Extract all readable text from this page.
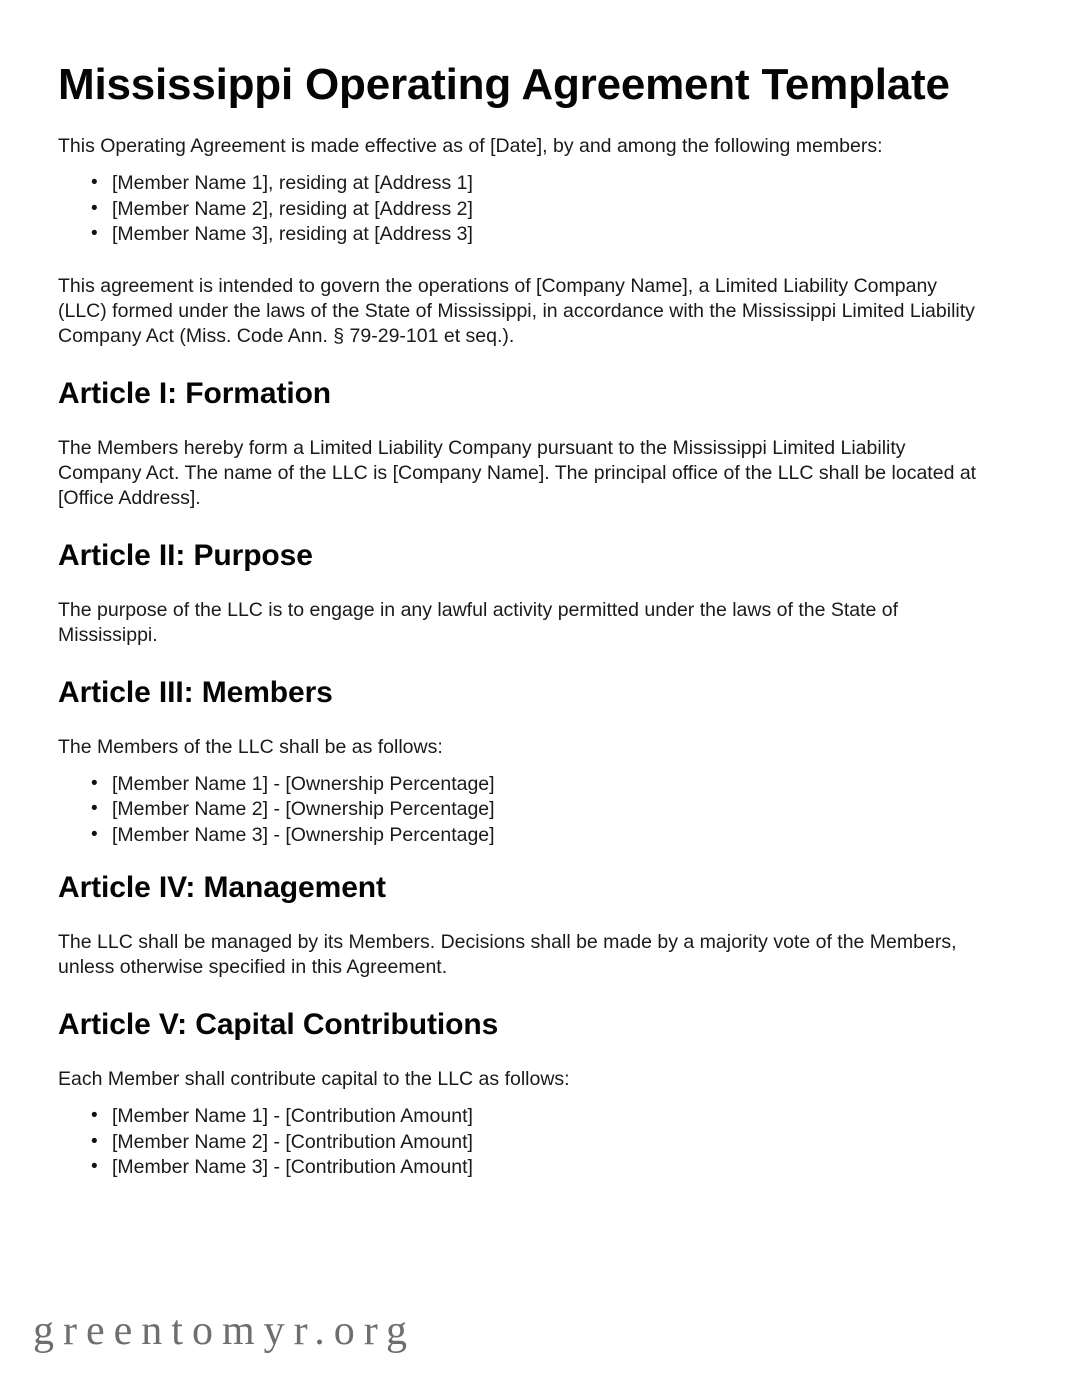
Mississippi Operating Agreement Template

This Operating Agreement is made effective as of [Date], by and among the following members:

• [Member Name 1], residing at [Address 1]
• [Member Name 2], residing at [Address 2]
• [Member Name 3], residing at [Address 3]

This agreement is intended to govern the operations of [Company Name], a Limited Liability Company (LLC) formed under the laws of the State of Mississippi, in accordance with the Mississippi Limited Liability Company Act (Miss. Code Ann. § 79-29-101 et seq.).

Article I: Formation

The Members hereby form a Limited Liability Company pursuant to the Mississippi Limited Liability Company Act. The name of the LLC is [Company Name]. The principal office of the LLC shall be located at [Office Address].

Article II: Purpose

The purpose of the LLC is to engage in any lawful activity permitted under the laws of the State of Mississippi.

Article III: Members

The Members of the LLC shall be as follows:

• [Member Name 1] - [Ownership Percentage]
• [Member Name 2] - [Ownership Percentage]
• [Member Name 3] - [Ownership Percentage]
Article IV: Management

The LLC shall be managed by its Members. Decisions shall be made by a majority vote of the Members, unless otherwise specified in this Agreement.

Article V: Capital Contributions

Each Member shall contribute capital to the LLC as follows:

• [Member Name 1] - [Contribution Amount]
• [Member Name 2] - [Contribution Amount]
• [Member Name 3] - [Contribution Amount]
greentomyr.org
